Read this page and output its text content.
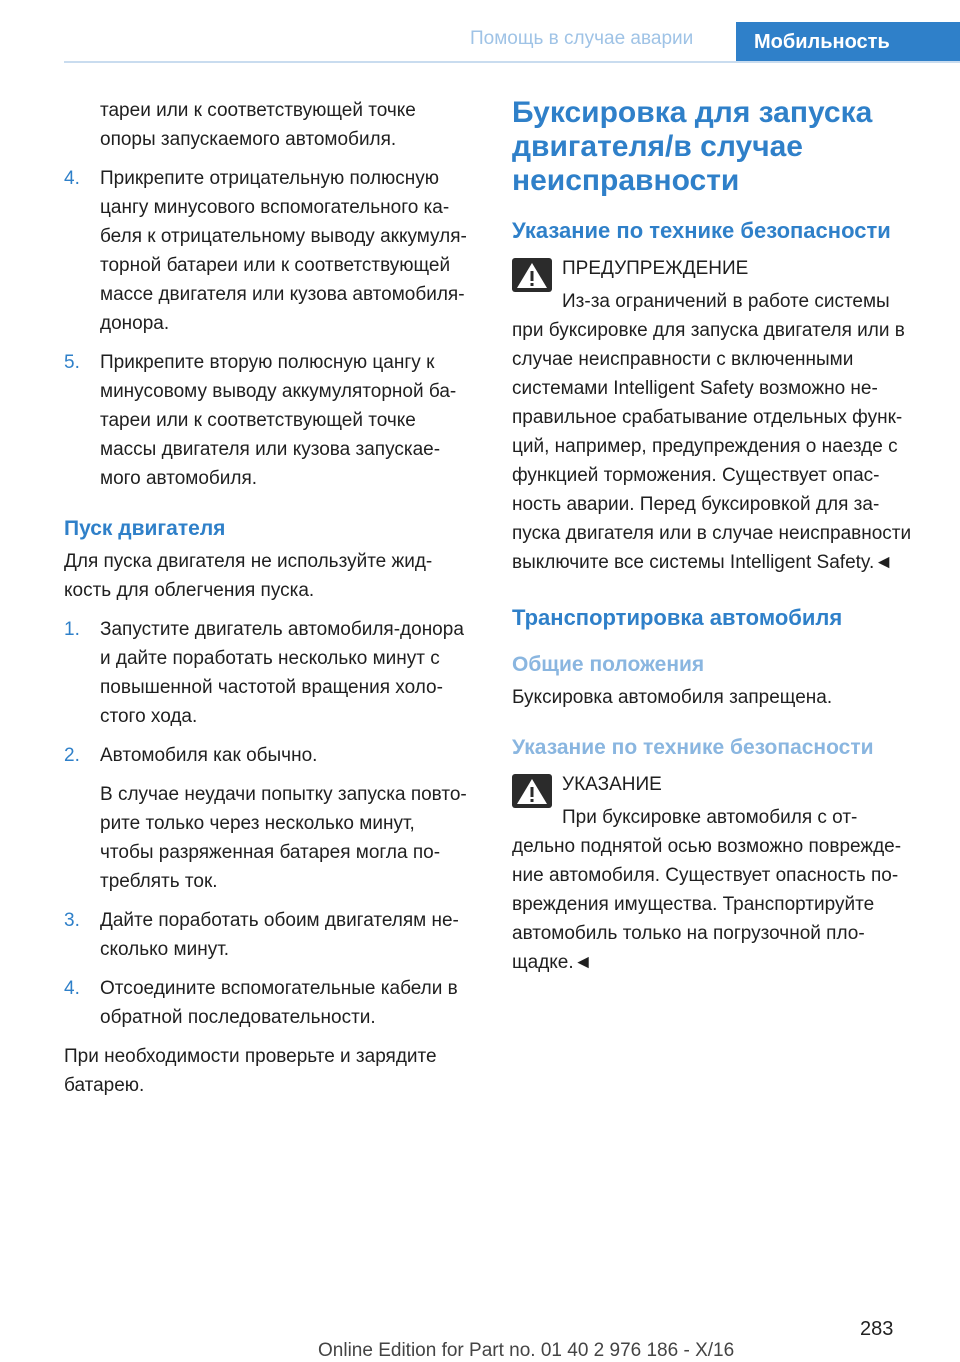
Помощь в случае аварии	Мобильность

тареи или к соответствующей точке

опоры запускаемого автомобиля.

4.	Прикрепите отрицательную полюсную

цангу минусового вспомогательного ка-

беля к отрицательному выводу аккумуля-

торной батареи или к соответствующей

массе двигателя или кузова автомобиля-

донора.

5.	Прикрепите вторую полюсную цангу к

минусовому выводу аккумуляторной ба-

тареи или к соответствующей точке

массы двигателя или кузова запускае-

мого автомобиля.

Пуск двигателя

Для пуска двигателя не используйте жид-

кость для облегчения пуска.

1.	Запустите двигатель автомобиля-донора

и дайте поработать несколько минут с

повышенной частотой вращения холо-

стого хода.

2.	Автомобиля как обычно.

В случае неудачи попытку запуска повто-

рите только через несколько минут,

чтобы разряженная батарея могла по-

треблять ток.

3.	Дайте поработать обоим двигателям не-

сколько минут.

4.	Отсоедините вспомогательные кабели в

обратной последовательности.

При необходимости проверьте и зарядите

батарею.

Буксировка для запуска
двигателя/в случае
неисправности
Указание по технике безопасности

ПРЕДУПРЕЖДЕНИЕ

Из-за ограничений в работе системы

при буксировке для запуска двигателя или в

случае неисправности с включенными

системами Intelligent Safety возможно не-

правильное срабатывание отдельных функ-

ций, например, предупреждения о наезде с

функцией торможения. Существует опас-

ность аварии. Перед буксировкой для за-

пуска двигателя или в случае неисправности

выключите все системы Intelligent Safety.◄

Транспортировка автомобиля
Общие положения

Буксировка автомобиля запрещена.

Указание по технике безопасности

УКАЗАНИЕ

При буксировке автомобиля с от-

дельно поднятой осью возможно поврежде-

ние автомобиля. Существует опасность по-

вреждения имущества. Транспортируйте

автомобиль только на погрузочной пло-

щадке.◄

283
Online Edition for Part no. 01 40 2 976 186 - X/16
